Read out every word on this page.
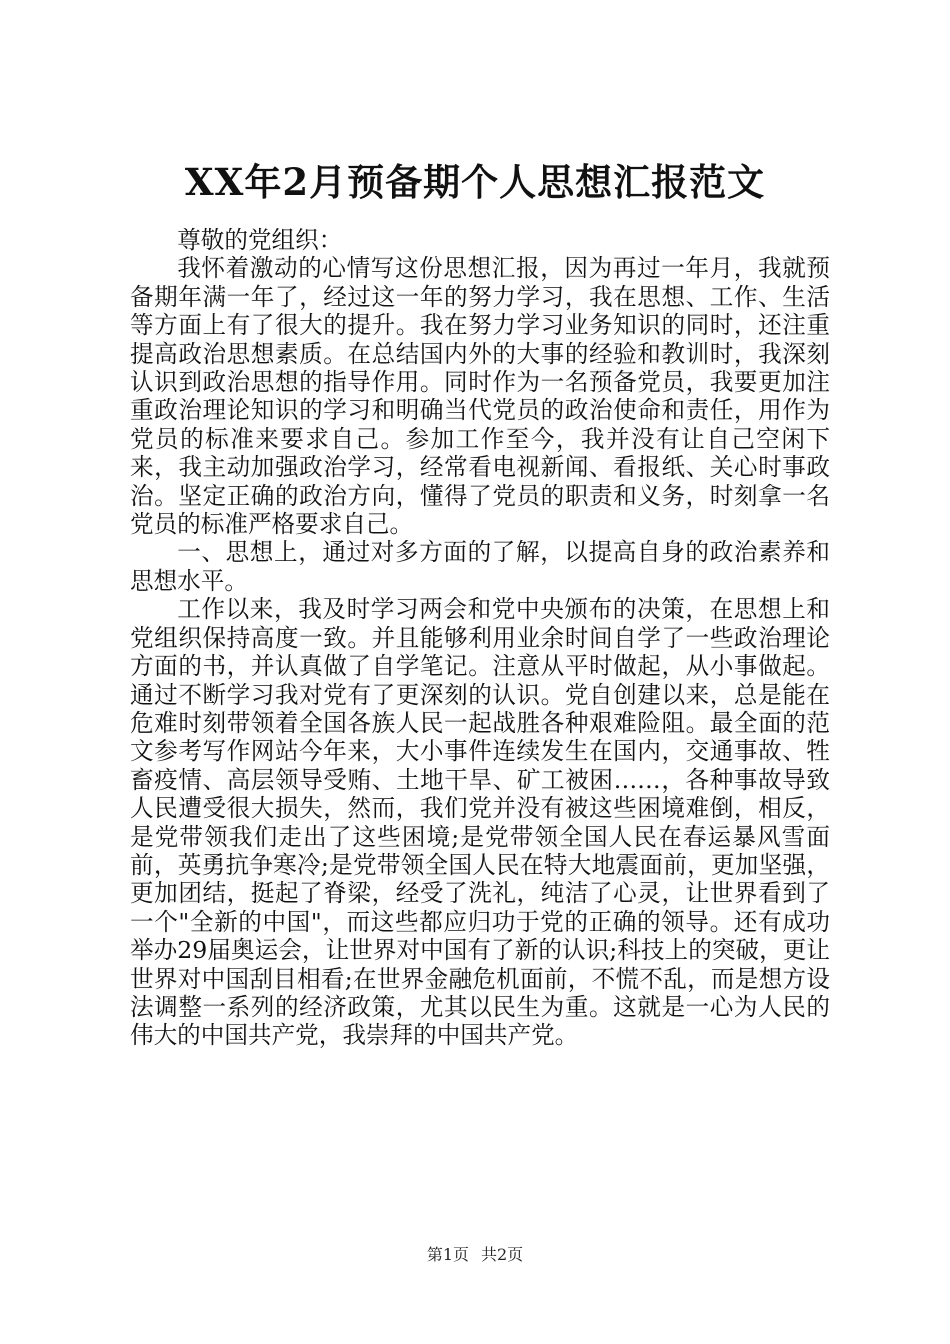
XX年2月预备期个人思想汇报范文

尊敬的党组织：

我怀着激动的心情写这份思想汇报，因为再过一年月，我就预备期年满一年了，经过这一年的努力学习，我在思想、工作、生活等方面上有了很大的提升。我在努力学习业务知识的同时，还注重提高政治思想素质。在总结国内外的大事的经验和教训时，我深刻认识到政治思想的指导作用。同时作为一名预备党员，我要更加注重政治理论知识的学习和明确当代党员的政治使命和责任，用作为党员的标准来要求自己。参加工作至今，我并没有让自己空闲下来，我主动加强政治学习，经常看电视新闻、看报纸、关心时事政治。坚定正确的政治方向，懂得了党员的职责和义务，时刻拿一名党员的标准严格要求自己。

一、思想上，通过对多方面的了解，以提高自身的政治素养和思想水平。

工作以来，我及时学习两会和党中央颁布的决策，在思想上和党组织保持高度一致。并且能够利用业余时间自学了一些政治理论方面的书，并认真做了自学笔记。注意从平时做起，从小事做起。通过不断学习我对党有了更深刻的认识。党自创建以来，总是能在危难时刻带领着全国各族人民一起战胜各种艰难险阻。最全面的范文参考写作网站今年来，大小事件连续发生在国内，交通事故、牲畜疫情、高层领导受贿、土地干旱、矿工被困……，各种事故导致人民遭受很大损失，然而，我们党并没有被这些困境难倒，相反，是党带领我们走出了这些困境;是党带领全国人民在春运暴风雪面前，英勇抗争寒冷;是党带领全国人民在特大地震面前，更加坚强，更加团结，挺起了脊梁，经受了洗礼，纯洁了心灵，让世界看到了一个"全新的中国"，而这些都应归功于党的正确的领导。还有成功举办29届奥运会，让世界对中国有了新的认识;科技上的突破，更让世界对中国刮目相看;在世界金融危机面前，不慌不乱，而是想方设法调整一系列的经济政策，尤其以民生为重。这就是一心为人民的伟大的中国共产党，我崇拜的中国共产党。

第1页 共2页
